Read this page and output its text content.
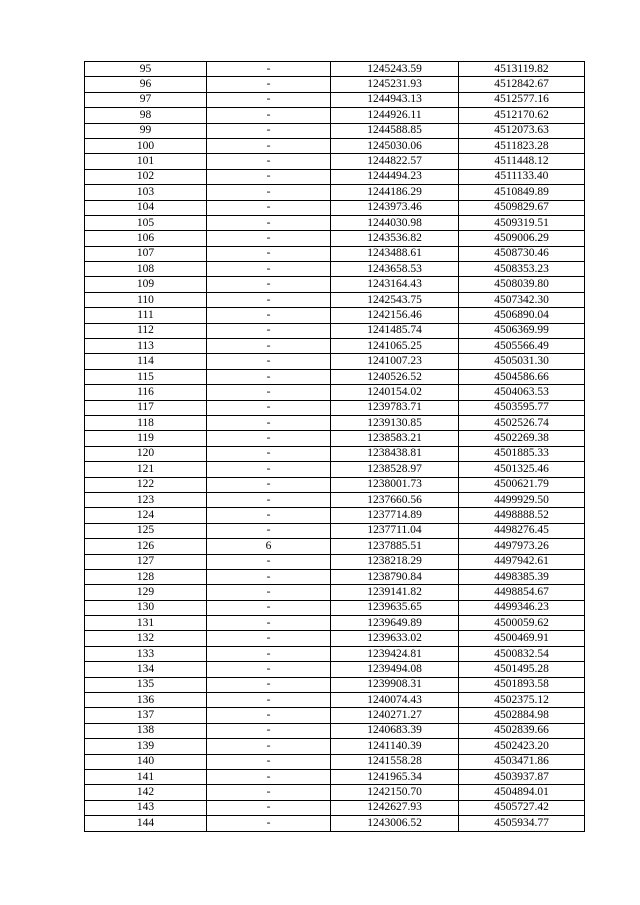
95	-	1245243.59	4513119.82
96	-	1245231.93	4512842.67
97	-	1244943.13	4512577.16
98	-	1244926.11	4512170.62
99	-	1244588.85	4512073.63
100	-	1245030.06	4511823.28
101	-	1244822.57	4511448.12
102	-	1244494.23	4511133.40
103	-	1244186.29	4510849.89
104	-	1243973.46	4509829.67
105	-	1244030.98	4509319.51
106	-	1243536.82	4509006.29
107	-	1243488.61	4508730.46
108	-	1243658.53	4508353.23
109	-	1243164.43	4508039.80
110	-	1242543.75	4507342.30
111	-	1242156.46	4506890.04
112	-	1241485.74	4506369.99
113	-	1241065.25	4505566.49
114	-	1241007.23	4505031.30
115	-	1240526.52	4504586.66
116	-	1240154.02	4504063.53
117	-	1239783.71	4503595.77
118	-	1239130.85	4502526.74
119	-	1238583.21	4502269.38
120	-	1238438.81	4501885.33
121	-	1238528.97	4501325.46
122	-	1238001.73	4500621.79
123	-	1237660.56	4499929.50
124	-	1237714.89	4498888.52
125	-	1237711.04	4498276.45
126	6	1237885.51	4497973.26
127	-	1238218.29	4497942.61
128	-	1238790.84	4498385.39
129	-	1239141.82	4498854.67
130	-	1239635.65	4499346.23
131	-	1239649.89	4500059.62
132	-	1239633.02	4500469.91
133	-	1239424.81	4500832.54
134	-	1239494.08	4501495.28
135	-	1239908.31	4501893.58
136	-	1240074.43	4502375.12
137	-	1240271.27	4502884.98
138	-	1240683.39	4502839.66
139	-	1241140.39	4502423.20
140	-	1241558.28	4503471.86
141	-	1241965.34	4503937.87
142	-	1242150.70	4504894.01
143	-	1242627.93	4505727.42
144	-	1243006.52	4505934.77
